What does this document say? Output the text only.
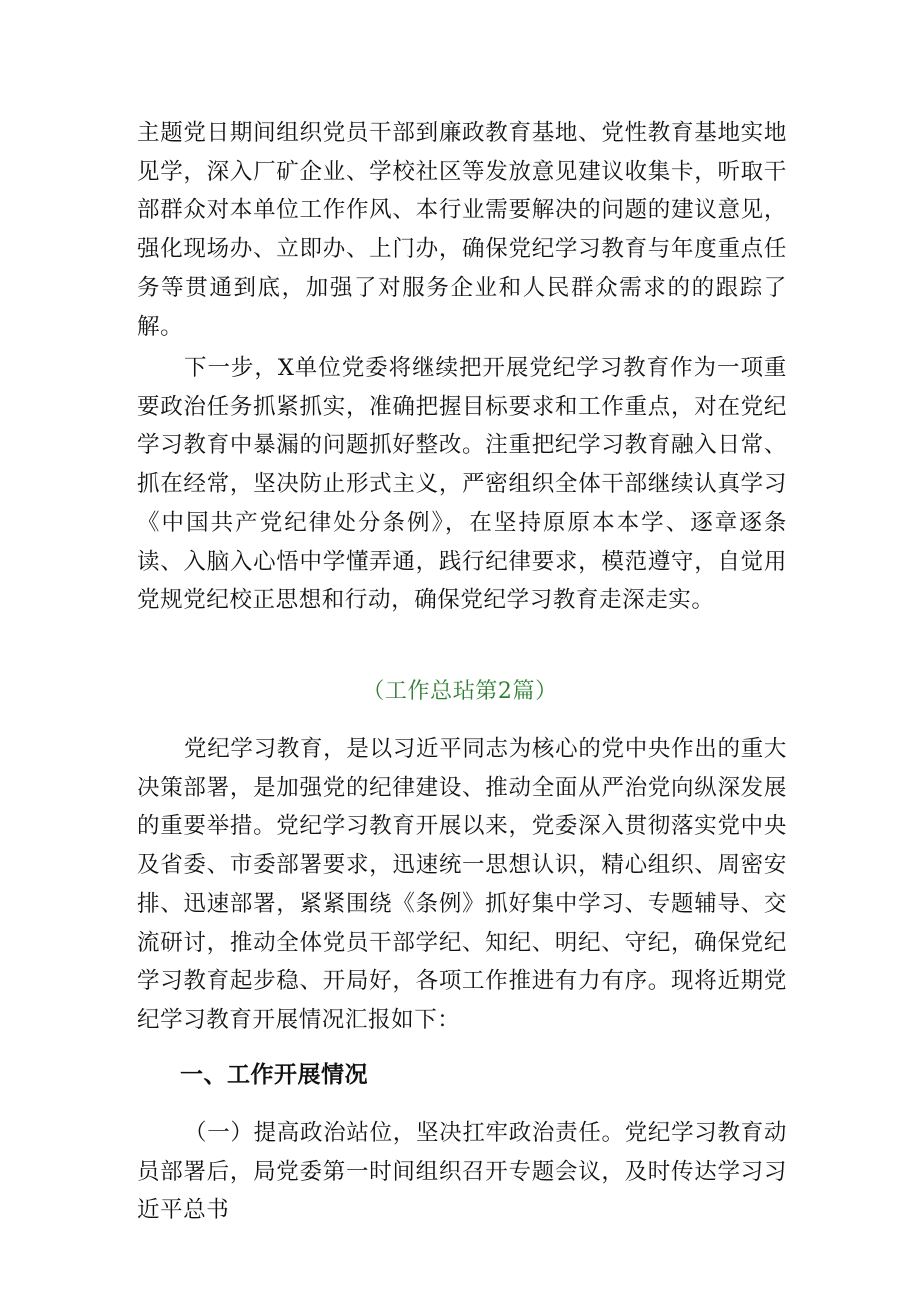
主题党日期间组织党员干部到廉政教育基地、党性教育基地实地见学，深入厂矿企业、学校社区等发放意见建议收集卡，听取干部群众对本单位工作作风、本行业需要解决的问题的建议意见，强化现场办、立即办、上门办，确保党纪学习教育与年度重点任务等贯通到底，加强了对服务企业和人民群众需求的的跟踪了解。

下一步，X单位党委将继续把开展党纪学习教育作为一项重要政治任务抓紧抓实，准确把握目标要求和工作重点，对在党纪学习教育中暴漏的问题抓好整改。注重把纪学习教育融入日常、抓在经常，坚决防止形式主义，严密组织全体干部继续认真学习《中国共产党纪律处分条例》，在坚持原原本本学、逐章逐条读、入脑入心悟中学懂弄通，践行纪律要求，模范遵守，自觉用党规党纪校正思想和行动，确保党纪学习教育走深走实。

（工作总玷第2篇）

党纪学习教育，是以习近平同志为核心的党中央作出的重大决策部署，是加强党的纪律建设、推动全面从严治党向纵深发展的重要举措。党纪学习教育开展以来，党委深入贯彻落实党中央及省委、市委部署要求，迅速统一思想认识，精心组织、周密安排、迅速部署，紧紧围绕《条例》抓好集中学习、专题辅导、交流研讨，推动全体党员干部学纪、知纪、明纪、守纪，确保党纪学习教育起步稳、开局好，各项工作推进有力有序。现将近期党纪学习教育开展情况汇报如下：

一、工作开展情况

（一）提高政治站位，坚决扛牢政治责任。党纪学习教育动员部署后，局党委第一时间组织召开专题会议，及时传达学习习近平总书
